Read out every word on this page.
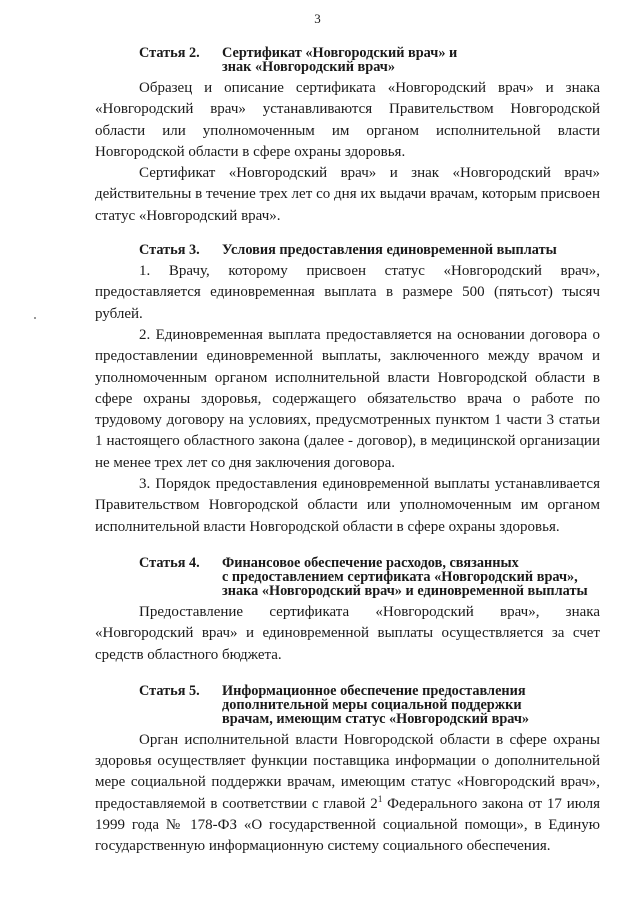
3
Статья 2.	Сертификат «Новгородский врач» и
знак «Новгородский врач»

Образец и описание сертификата «Новгородский врач» и знака «Новгородский врач» устанавливаются Правительством Новгородской области или уполномоченным им органом исполнительной власти Новгородской области в сфере охраны здоровья.

Сертификат «Новгородский врач» и знак «Новгородский врач» действительны в течение трех лет со дня их выдачи врачам, которым присвоен статус «Новгородский врач».

Статья 3.	Условия предоставления единовременной выплаты

1. Врачу, которому присвоен статус «Новгородский врач», предоставляется единовременная выплата в размере 500 (пятьсот) тысяч рублей.

2. Единовременная выплата предоставляется на основании договора о предоставлении единовременной выплаты, заключенного между врачом и уполномоченным органом исполнительной власти Новгородской области в сфере охраны здоровья, содержащего обязательство врача о работе по трудовому договору на условиях, предусмотренных пунктом 1 части 3 статьи 1 настоящего областного закона (далее - договор), в медицинской организации не менее трех лет со дня заключения договора.

3. Порядок предоставления единовременной выплаты устанавливается Правительством Новгородской области или уполномоченным им органом исполнительной власти Новгородской области в сфере охраны здоровья.

Статья 4.	Финансовое обеспечение расходов, связанных
с предоставлением сертификата «Новгородский врач»,
знака «Новгородский врач» и единовременной выплаты

Предоставление сертификата «Новгородский врач», знака «Новгородский врач» и единовременной выплаты осуществляется за счет средств областного бюджета.

Статья 5.	Информационное обеспечение предоставления
дополнительной меры социальной поддержки
врачам, имеющим статус «Новгородский врач»

Орган исполнительной власти Новгородской области в сфере охраны здоровья осуществляет функции поставщика информации о дополнительной мере социальной поддержки врачам, имеющим статус «Новгородский врач», предоставляемой в соответствии с главой $2^1$ Федерального закона от 17 июля 1999 года № 178-ФЗ «О государственной социальной помощи», в Единую государственную информационную систему социального обеспечения.
